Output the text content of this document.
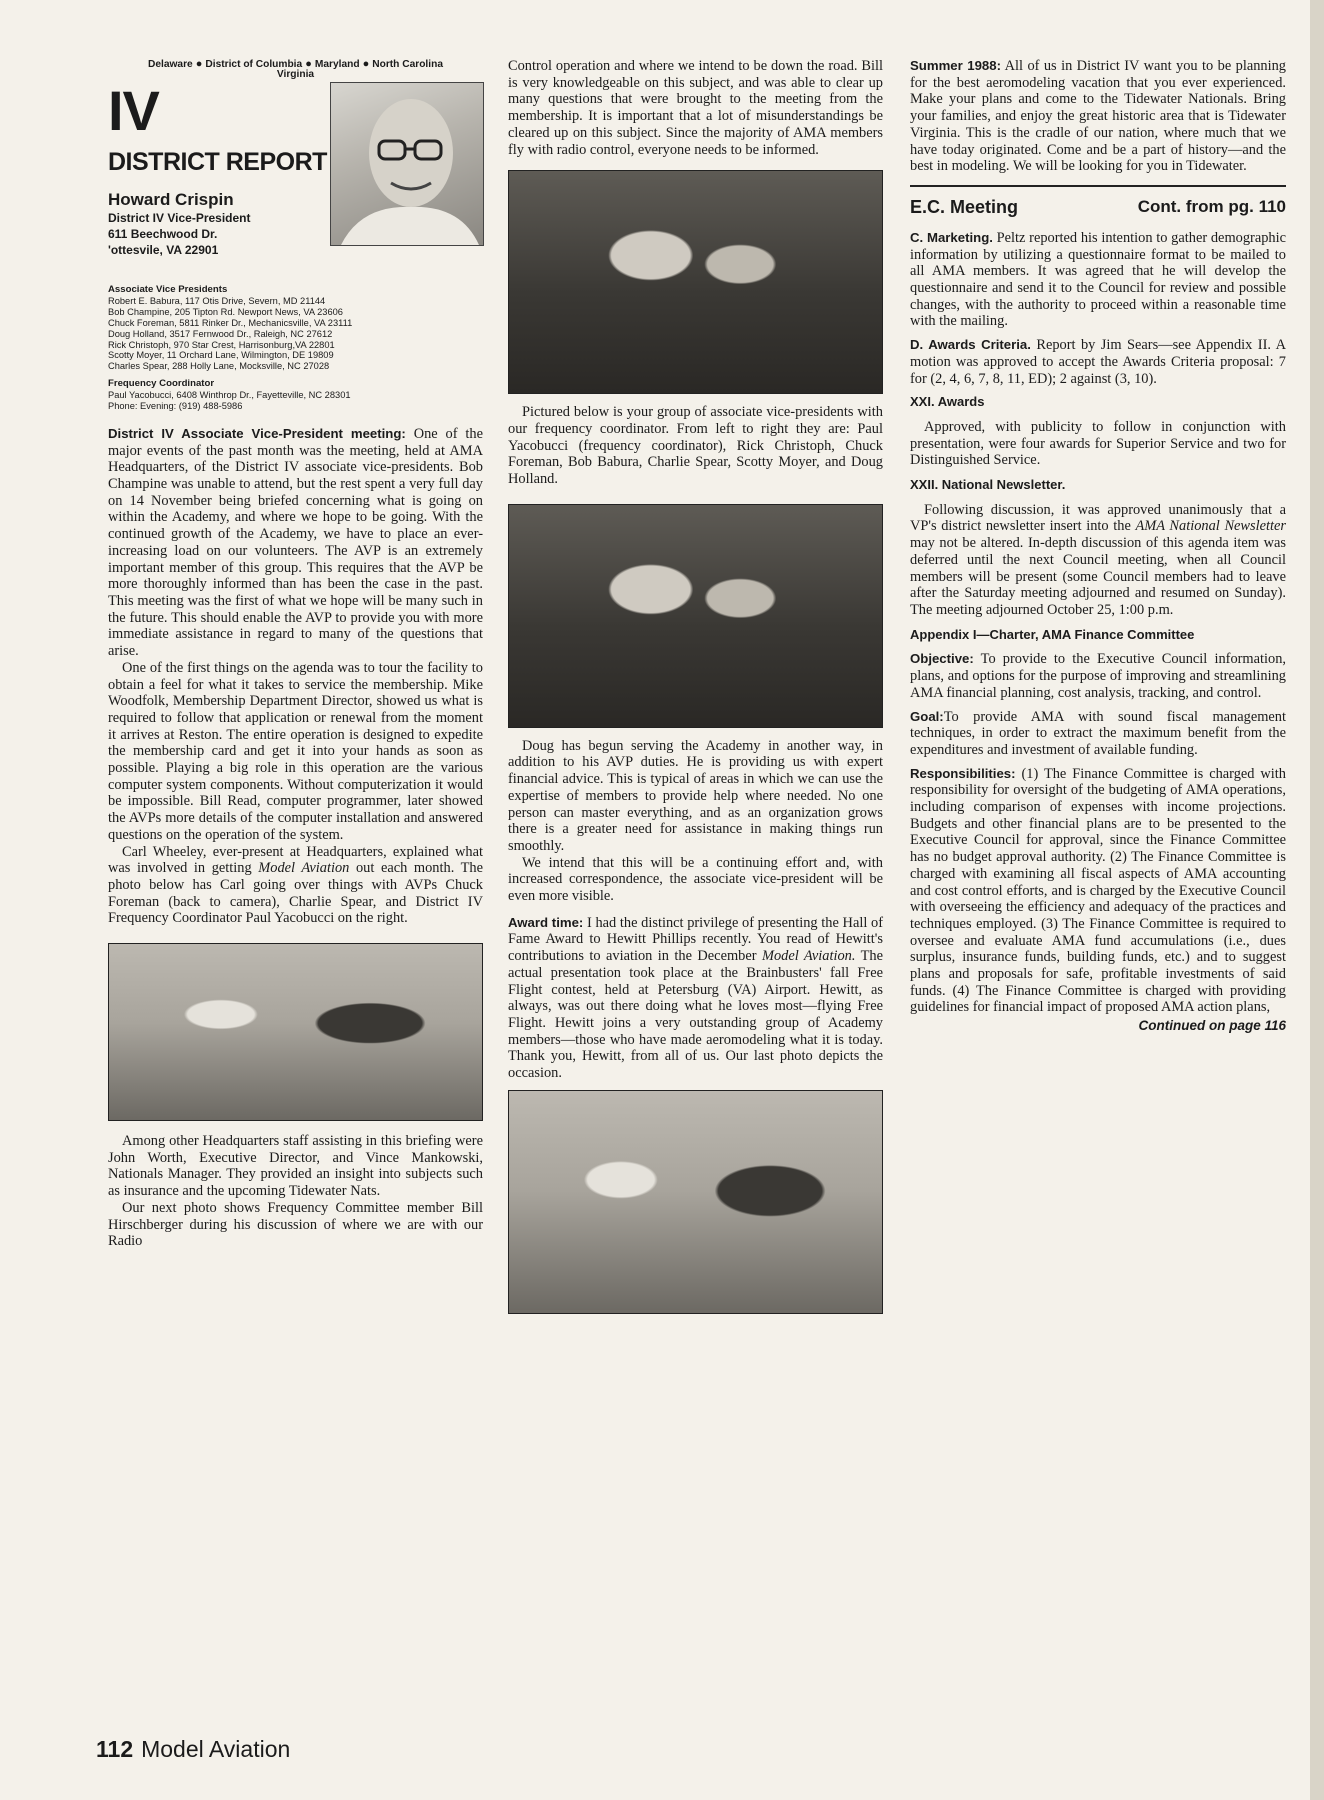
Delaware ● District of Columbia ● Maryland ● North Carolina
Virginia
IV
DISTRICT REPORT
Howard Crispin
District IV Vice-President
611 Beechwood Dr.
'ottesvile, VA 22901
Associate Vice Presidents
Robert E. Babura, 117 Otis Drive, Severn, MD 21144
Bob Champine, 205 Tipton Rd. Newport News, VA 23606
Chuck Foreman, 5811 Rinker Dr., Mechanicsville, VA 23111
Doug Holland, 3517 Fernwood Dr., Raleigh, NC 27612
Rick Christoph, 970 Star Crest, Harrisonburg,VA 22801
Scotty Moyer, 11 Orchard Lane, Wilmington, DE 19809
Charles Spear, 288 Holly Lane, Mocksville, NC 27028
Frequency Coordinator
Paul Yacobucci, 6408 Winthrop Dr., Fayetteville, NC 28301
Phone: Evening: (919) 488-5986

District IV Associate Vice-President meeting: One of the major events of the past month was the meeting, held at AMA Headquarters, of the District IV associate vice-presidents. Bob Champine was unable to attend, but the rest spent a very full day on 14 November being briefed concerning what is going on within the Academy, and where we hope to be going. With the continued growth of the Academy, we have to place an ever-increasing load on our volunteers. The AVP is an extremely important member of this group. This requires that the AVP be more thoroughly informed than has been the case in the past. This meeting was the first of what we hope will be many such in the future. This should enable the AVP to provide you with more immediate assistance in regard to many of the questions that arise.

One of the first things on the agenda was to tour the facility to obtain a feel for what it takes to service the membership. Mike Woodfolk, Membership Department Director, showed us what is required to follow that application or renewal from the moment it arrives at Reston. The entire operation is designed to expedite the membership card and get it into your hands as soon as possible. Playing a big role in this operation are the various computer system components. Without computerization it would be impossible. Bill Read, computer programmer, later showed the AVPs more details of the computer installation and answered questions on the operation of the system.

Carl Wheeley, ever-present at Headquarters, explained what was involved in getting Model Aviation out each month. The photo below has Carl going over things with AVPs Chuck Foreman (back to camera), Charlie Spear, and District IV Frequency Coordinator Paul Yacobucci on the right.

Among other Headquarters staff assisting in this briefing were John Worth, Executive Director, and Vince Mankowski, Nationals Manager. They provided an insight into subjects such as insurance and the upcoming Tidewater Nats.

Our next photo shows Frequency Committee member Bill Hirschberger during his discussion of where we are with our Radio

Control operation and where we intend to be down the road. Bill is very knowledgeable on this subject, and was able to clear up many questions that were brought to the meeting from the membership. It is important that a lot of misunderstandings be cleared up on this subject. Since the majority of AMA members fly with radio control, everyone needs to be informed.

Pictured below is your group of associate vice-presidents with our frequency coordinator. From left to right they are: Paul Yacobucci (frequency coordinator), Rick Christoph, Chuck Foreman, Bob Babura, Charlie Spear, Scotty Moyer, and Doug Holland.

Doug has begun serving the Academy in another way, in addition to his AVP duties. He is providing us with expert financial advice. This is typical of areas in which we can use the expertise of members to provide help where needed. No one person can master everything, and as an organization grows there is a greater need for assistance in making things run smoothly.

We intend that this will be a continuing effort and, with increased correspondence, the associate vice-president will be even more visible.

Award time: I had the distinct privilege of presenting the Hall of Fame Award to Hewitt Phillips recently. You read of Hewitt's contributions to aviation in the December Model Aviation. The actual presentation took place at the Brainbusters' fall Free Flight contest, held at Petersburg (VA) Airport. Hewitt, as always, was out there doing what he loves most—flying Free Flight. Hewitt joins a very outstanding group of Academy members—those who have made aeromodeling what it is today. Thank you, Hewitt, from all of us. Our last photo depicts the occasion.

Summer 1988: All of us in District IV want you to be planning for the best aeromodeling vacation that you ever experienced. Make your plans and come to the Tidewater Nationals. Bring your families, and enjoy the great historic area that is Tidewater Virginia. This is the cradle of our nation, where much that we have today originated. Come and be a part of history—and the best in modeling. We will be looking for you in Tidewater.

E.C. Meeting	Cont. from pg. 110

C. Marketing. Peltz reported his intention to gather demographic information by utilizing a questionnaire format to be mailed to all AMA members. It was agreed that he will develop the questionnaire and send it to the Council for review and possible changes, with the authority to proceed within a reasonable time with the mailing.

D. Awards Criteria. Report by Jim Sears—see Appendix II. A motion was approved to accept the Awards Criteria proposal: 7 for (2, 4, 6, 7, 8, 11, ED); 2 against (3, 10).

XXI. Awards

Approved, with publicity to follow in conjunction with presentation, were four awards for Superior Service and two for Distinguished Service.

XXII. National Newsletter.

Following discussion, it was approved unanimously that a VP's district newsletter insert into the AMA National Newsletter may not be altered. In-depth discussion of this agenda item was deferred until the next Council meeting, when all Council members will be present (some Council members had to leave after the Saturday meeting adjourned and resumed on Sunday). The meeting adjourned October 25, 1:00 p.m.

Appendix I—Charter, AMA Finance Committee

Objective: To provide to the Executive Council information, plans, and options for the purpose of improving and streamlining AMA financial planning, cost analysis, tracking, and control.

Goal:To provide AMA with sound fiscal management techniques, in order to extract the maximum benefit from the expenditures and investment of available funding.

Responsibilities: (1) The Finance Committee is charged with responsibility for oversight of the budgeting of AMA operations, including comparison of expenses with income projections. Budgets and other financial plans are to be presented to the Executive Council for approval, since the Finance Committee has no budget approval authority. (2) The Finance Committee is charged with examining all fiscal aspects of AMA accounting and cost control efforts, and is charged by the Executive Council with overseeing the efficiency and adequacy of the practices and techniques employed. (3) The Finance Committee is required to oversee and evaluate AMA fund accumulations (i.e., dues surplus, insurance funds, building funds, etc.) and to suggest plans and proposals for safe, profitable investments of said funds. (4) The Finance Committee is charged with providing guidelines for financial impact of proposed AMA action plans,

Continued on page 116
112 Model Aviation
